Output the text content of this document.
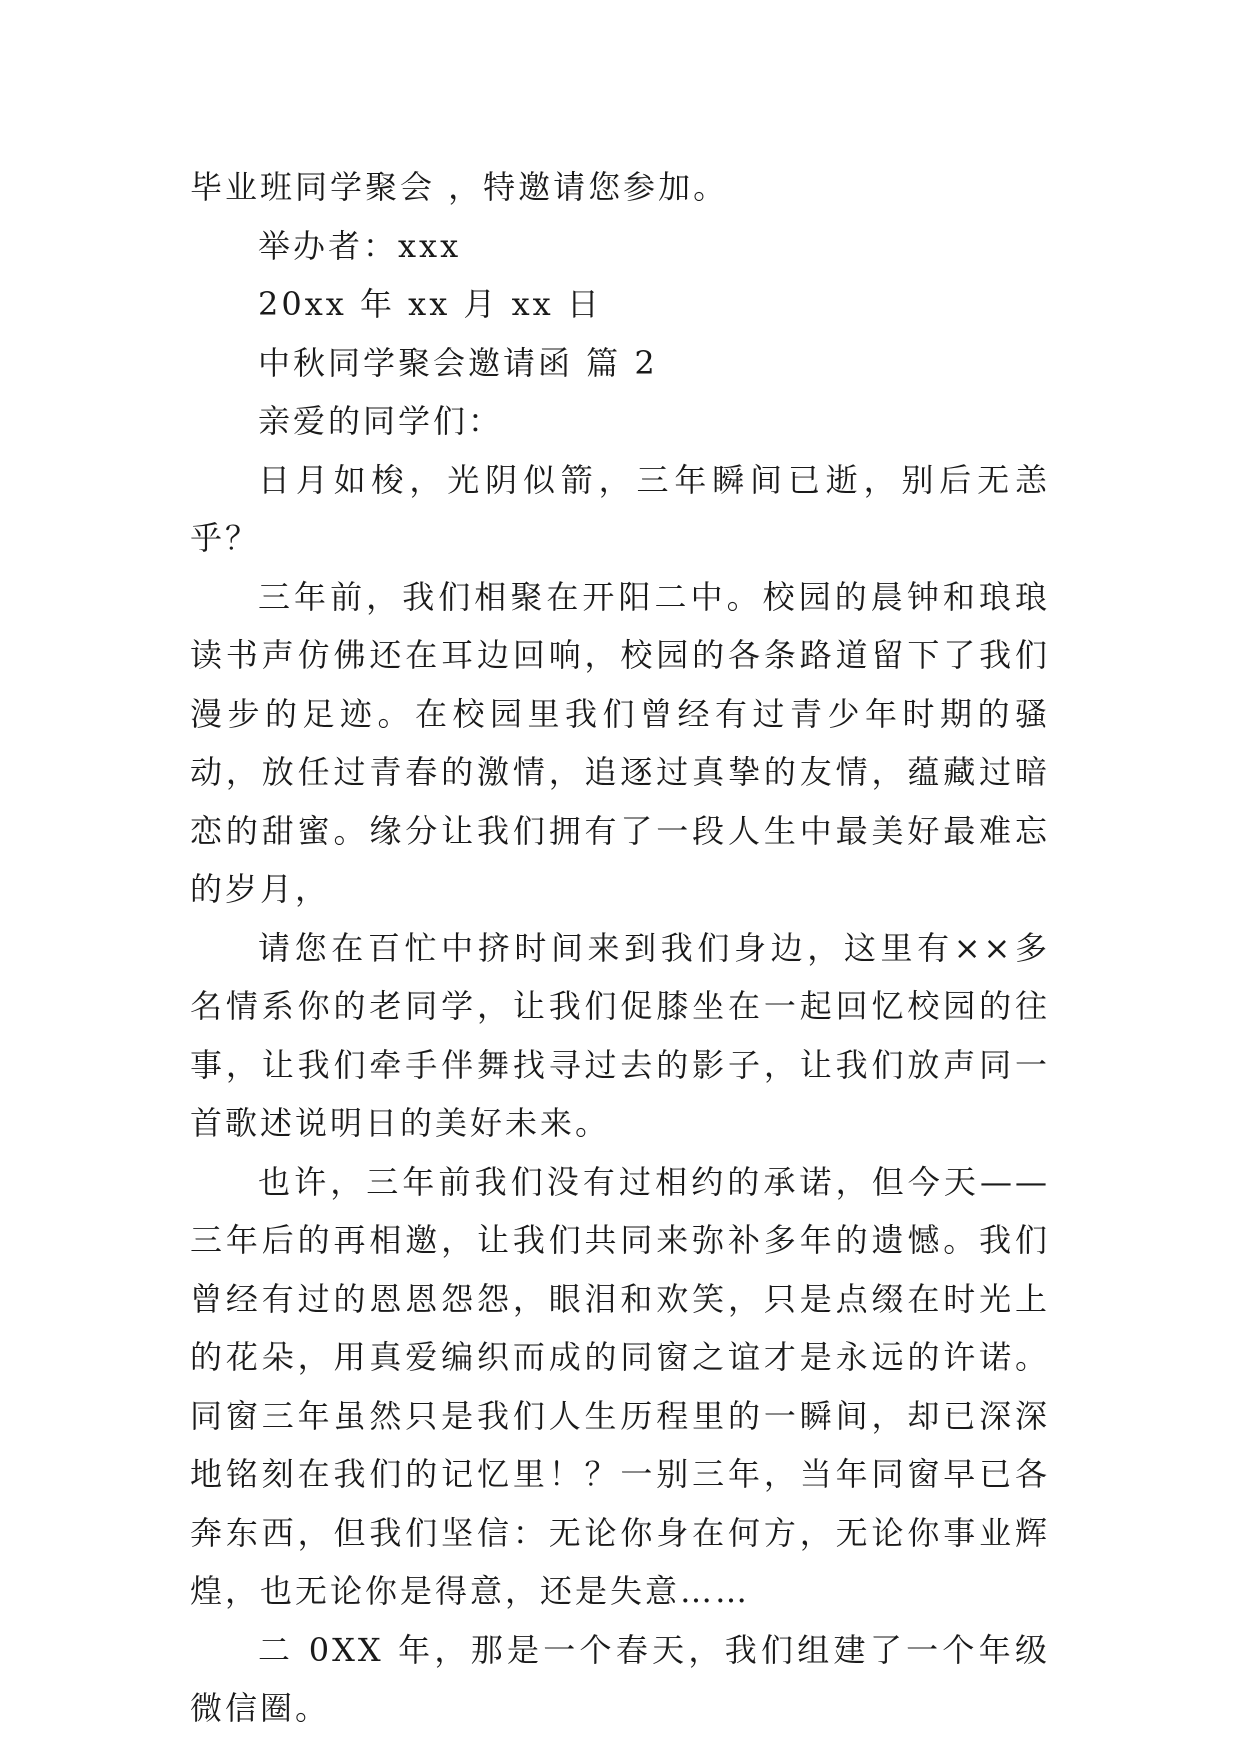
毕业班同学聚会 ，特邀请您参加。

举办者：xxx

20xx 年 xx 月 xx 日

中秋同学聚会邀请函 篇 2

亲爱的同学们：

日月如梭，光阴似箭，三年瞬间已逝，别后无恙乎？

三年前，我们相聚在开阳二中。校园的晨钟和琅琅读书声仿佛还在耳边回响，校园的各条路道留下了我们漫步的足迹。在校园里我们曾经有过青少年时期的骚动，放任过青春的激情，追逐过真挚的友情，蕴藏过暗恋的甜蜜。缘分让我们拥有了一段人生中最美好最难忘的岁月，

请您在百忙中挤时间来到我们身边，这里有××多名情系你的老同学，让我们促膝坐在一起回忆校园的往事，让我们牵手伴舞找寻过去的影子，让我们放声同一首歌述说明日的美好未来。

也许，三年前我们没有过相约的承诺，但今天——三年后的再相邀，让我们共同来弥补多年的遗憾。我们曾经有过的恩恩怨怨，眼泪和欢笑，只是点缀在时光上的花朵，用真爱编织而成的同窗之谊才是永远的许诺。同窗三年虽然只是我们人生历程里的一瞬间，却已深深地铭刻在我们的记忆里！？一别三年，当年同窗早已各奔东西，但我们坚信：无论你身在何方，无论你事业辉煌，也无论你是得意，还是失意……

二 0XX 年，那是一个春天，我们组建了一个年级微信圈。
